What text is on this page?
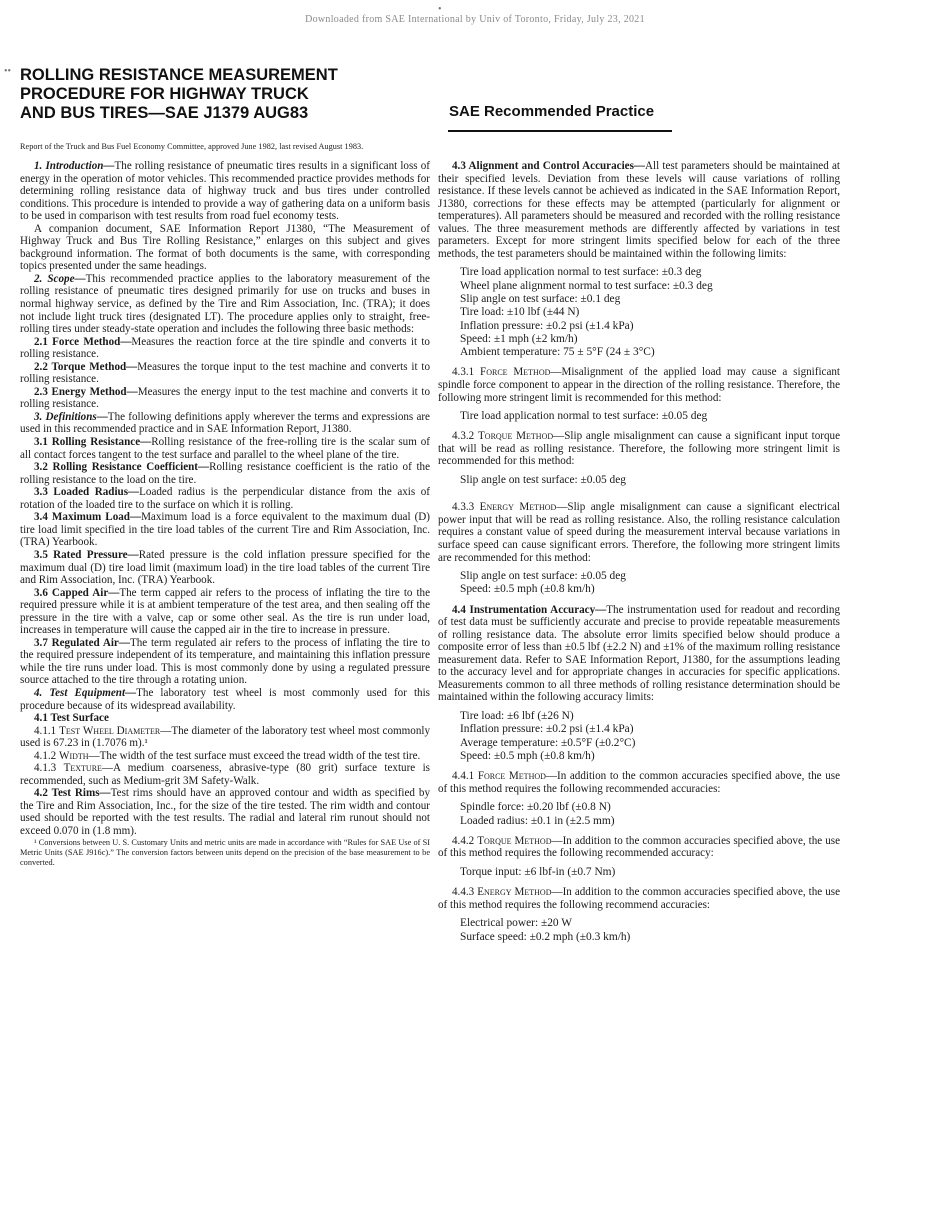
Downloaded from SAE International by Univ of Toronto, Friday, July 23, 2021
•
•• ROLLING RESISTANCE MEASUREMENT
PROCEDURE FOR HIGHWAY TRUCK
AND BUS TIRES—SAE J1379 AUG83	SAE Recommended Practice
Report of the Truck and Bus Fuel Economy Committee, approved June 1982, last revised August 1983.

1. Introduction—The rolling resistance of pneumatic tires results in a significant loss of energy in the operation of motor vehicles. This recommended practice provides methods for determining rolling resistance data of highway truck and bus tires under controlled conditions. This procedure is intended to provide a way of gathering data on a uniform basis to be used in comparison with test results from road fuel economy tests.

A companion document, SAE Information Report J1380, “The Measurement of Highway Truck and Bus Tire Rolling Resistance,” enlarges on this subject and gives background information. The format of both documents is the same, with corresponding topics presented under the same headings.

2. Scope—This recommended practice applies to the laboratory measurement of the rolling resistance of pneumatic tires designed primarily for use on trucks and buses in normal highway service, as defined by the Tire and Rim Association, Inc. (TRA); it does not include light truck tires (designated LT). The procedure applies only to straight, free-rolling tires under steady-state operation and includes the following three basic methods:

2.1 Force Method—Measures the reaction force at the tire spindle and converts it to rolling resistance.

2.2 Torque Method—Measures the torque input to the test machine and converts it to rolling resistance.

2.3 Energy Method—Measures the energy input to the test machine and converts it to rolling resistance.

3. Definitions—The following definitions apply wherever the terms and expressions are used in this recommended practice and in SAE Information Report, J1380.

3.1 Rolling Resistance—Rolling resistance of the free-rolling tire is the scalar sum of all contact forces tangent to the test surface and parallel to the wheel plane of the tire.

3.2 Rolling Resistance Coefficient—Rolling resistance coefficient is the ratio of the rolling resistance to the load on the tire.

3.3 Loaded Radius—Loaded radius is the perpendicular distance from the axis of rotation of the loaded tire to the surface on which it is rolling.

3.4 Maximum Load—Maximum load is a force equivalent to the maximum dual (D) tire load limit specified in the tire load tables of the current Tire and Rim Association, Inc. (TRA) Yearbook.

3.5 Rated Pressure—Rated pressure is the cold inflation pressure specified for the maximum dual (D) tire load limit (maximum load) in the tire load tables of the current Tire and Rim Association, Inc. (TRA) Yearbook.

3.6 Capped Air—The term capped air refers to the process of inflating the tire to the required pressure while it is at ambient temperature of the test area, and then sealing off the pressure in the tire with a valve, cap or some other seal. As the tire is run under load, increases in temperature will cause the capped air in the tire to increase in pressure.

3.7 Regulated Air—The term regulated air refers to the process of inflating the tire to the required pressure independent of its temperature, and maintaining this inflation pressure while the tire runs under load. This is most commonly done by using a regulated pressure source attached to the tire through a rotating union.

4. Test Equipment—The laboratory test wheel is most commonly used for this procedure because of its widespread availability.

4.1 Test Surface

4.1.1 Test Wheel Diameter—The diameter of the laboratory test wheel most commonly used is 67.23 in (1.7076 m).¹

4.1.2 Width—The width of the test surface must exceed the tread width of the test tire.

4.1.3 Texture—A medium coarseness, abrasive-type (80 grit) surface texture is recommended, such as Medium-grit 3M Safety-Walk.

4.2 Test Rims—Test rims should have an approved contour and width as specified by the Tire and Rim Association, Inc., for the size of the tire tested. The rim width and contour used should be reported with the test results. The radial and lateral rim runout should not exceed 0.070 in (1.8 mm).

¹ Conversions between U. S. Customary Units and metric units are made in accordance with “Rules for SAE Use of SI Metric Units (SAE J916c).” The conversion factors between units depend on the precision of the base measurement to be converted.

4.3 Alignment and Control Accuracies—All test parameters should be maintained at their specified levels. Deviation from these levels will cause variations of rolling resistance. If these levels cannot be achieved as indicated in the SAE Information Report, J1380, corrections for these effects may be attempted (particularly for alignment or temperatures). All parameters should be measured and recorded with the rolling resistance values. The three measurement methods are differently affected by variations in test parameters. Except for more stringent limits specified below for each of the three methods, the test parameters should be maintained within the following limits:

Tire load application normal to test surface: ±0.3 deg
Wheel plane alignment normal to test surface: ±0.3 deg
Slip angle on test surface: ±0.1 deg
Tire load: ±10 lbf (±44 N)
Inflation pressure: ±0.2 psi (±1.4 kPa)
Speed: ±1 mph (±2 km/h)
Ambient temperature: 75 ± 5°F (24 ± 3°C)

4.3.1 Force Method—Misalignment of the applied load may cause a significant spindle force component to appear in the direction of the rolling resistance. Therefore, the following more stringent limit is recommended for this method:

Tire load application normal to test surface: ±0.05 deg

4.3.2 Torque Method—Slip angle misalignment can cause a significant input torque that will be read as rolling resistance. Therefore, the following more stringent limit is recommended for this method:

Slip angle on test surface: ±0.05 deg

4.3.3 Energy Method—Slip angle misalignment can cause a significant electrical power input that will be read as rolling resistance. Also, the rolling resistance calculation requires a constant value of speed during the measurement interval because variations in surface speed can cause significant errors. Therefore, the following more stringent limits are recommended for this method:

Slip angle on test surface: ±0.05 deg
Speed: ±0.5 mph (±0.8 km/h)

4.4 Instrumentation Accuracy—The instrumentation used for readout and recording of test data must be sufficiently accurate and precise to provide repeatable measurements of rolling resistance data. The absolute error limits specified below should produce a composite error of less than ±0.5 lbf (±2.2 N) and ±1% of the maximum rolling resistance measurement data. Refer to SAE Information Report, J1380, for the assumptions leading to the accuracy level and for appropriate changes in accuracies for specific applications. Measurements common to all three methods of rolling resistance determination should be maintained within the following accuracy limits:

Tire load: ±6 lbf (±26 N)
Inflation pressure: ±0.2 psi (±1.4 kPa)
Average temperature: ±0.5°F (±0.2°C)
Speed: ±0.5 mph (±0.8 km/h)

4.4.1 Force Method—In addition to the common accuracies specified above, the use of this method requires the following recommended accuracies:

Spindle force: ±0.20 lbf (±0.8 N)
Loaded radius: ±0.1 in (±2.5 mm)

4.4.2 Torque Method—In addition to the common accuracies specified above, the use of this method requires the following recommended accuracy:

Torque input: ±6 lbf-in (±0.7 Nm)

4.4.3 Energy Method—In addition to the common accuracies specified above, the use of this method requires the following recommend accuracies:

Electrical power: ±20 W
Surface speed: ±0.2 mph (±0.3 km/h)
